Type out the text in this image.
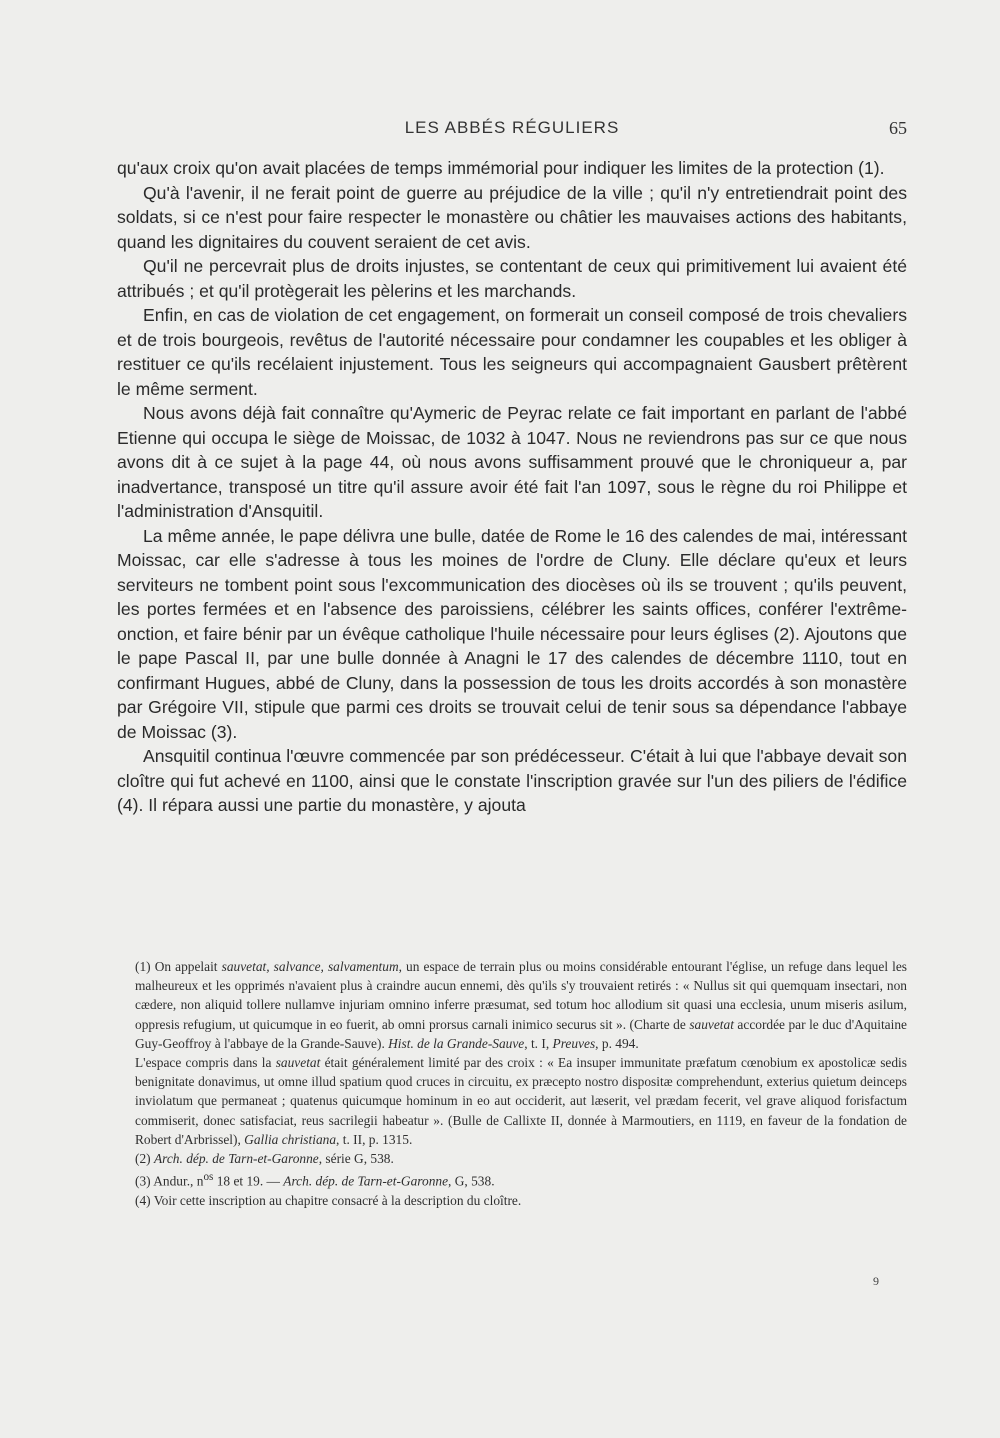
LES ABBÉS RÉGULIERS	65

qu'aux croix qu'on avait placées de temps immémorial pour indiquer les limites de la protection (1).

Qu'à l'avenir, il ne ferait point de guerre au préjudice de la ville ; qu'il n'y entretiendrait point des soldats, si ce n'est pour faire respecter le monastère ou châtier les mauvaises actions des habitants, quand les dignitaires du couvent seraient de cet avis.

Qu'il ne percevrait plus de droits injustes, se contentant de ceux qui primitivement lui avaient été attribués ; et qu'il protègerait les pèlerins et les marchands.

Enfin, en cas de violation de cet engagement, on formerait un conseil composé de trois chevaliers et de trois bourgeois, revêtus de l'autorité nécessaire pour condamner les coupables et les obliger à restituer ce qu'ils recélaient injustement. Tous les seigneurs qui accompagnaient Gausbert prêtèrent le même serment.

Nous avons déjà fait connaître qu'Aymeric de Peyrac relate ce fait important en parlant de l'abbé Etienne qui occupa le siège de Moissac, de 1032 à 1047. Nous ne reviendrons pas sur ce que nous avons dit à ce sujet à la page 44, où nous avons suffisamment prouvé que le chroniqueur a, par inadvertance, transposé un titre qu'il assure avoir été fait l'an 1097, sous le règne du roi Philippe et l'administration d'Ansquitil.

La même année, le pape délivra une bulle, datée de Rome le 16 des calendes de mai, intéressant Moissac, car elle s'adresse à tous les moines de l'ordre de Cluny. Elle déclare qu'eux et leurs serviteurs ne tombent point sous l'excommunication des diocèses où ils se trouvent ; qu'ils peuvent, les portes fermées et en l'absence des paroissiens, célébrer les saints offices, conférer l'extrême-onction, et faire bénir par un évêque catholique l'huile nécessaire pour leurs églises (2). Ajoutons que le pape Pascal II, par une bulle donnée à Anagni le 17 des calendes de décembre 1110, tout en confirmant Hugues, abbé de Cluny, dans la possession de tous les droits accordés à son monastère par Grégoire VII, stipule que parmi ces droits se trouvait celui de tenir sous sa dépendance l'abbaye de Moissac (3).

Ansquitil continua l'œuvre commencée par son prédécesseur. C'était à lui que l'abbaye devait son cloître qui fut achevé en 1100, ainsi que le constate l'inscription gravée sur l'un des piliers de l'édifice (4). Il répara aussi une partie du monastère, y ajouta

(1) On appelait sauvetat, salvance, salvamentum, un espace de terrain plus ou moins considérable entourant l'église, un refuge dans lequel les malheureux et les opprimés n'avaient plus à craindre aucun ennemi, dès qu'ils s'y trouvaient retirés : « Nullus sit qui quemquam insectari, non cædere, non aliquid tollere nullamve injuriam omnino inferre præsumat, sed totum hoc allodium sit quasi una ecclesia, unum miseris asilum, oppresis refugium, ut quicumque in eo fuerit, ab omni prorsus carnali inimico securus sit ». (Charte de sauvetat accordée par le duc d'Aquitaine Guy-Geoffroy à l'abbaye de la Grande-Sauve). Hist. de la Grande-Sauve, t. I, Preuves, p. 494.

L'espace compris dans la sauvetat était généralement limité par des croix : « Ea insuper immunitate præfatum cœnobium ex apostolicæ sedis benignitate donavimus, ut omne illud spatium quod cruces in circuitu, ex præcepto nostro dispositæ comprehendunt, exterius quietum deinceps inviolatum que permaneat ; quatenus quicumque hominum in eo aut occiderit, aut læserit, vel prædam fecerit, vel grave aliquod forisfactum commiserit, donec satisfaciat, reus sacrilegii habeatur ». (Bulle de Callixte II, donnée à Marmoutiers, en 1119, en faveur de la fondation de Robert d'Arbrissel), Gallia christiana, t. II, p. 1315.

(2) Arch. dép. de Tarn-et-Garonne, série G, 538.

(3) Andur., $n^{os}$ 18 et 19. — Arch. dép. de Tarn-et-Garonne, G, 538.

(4) Voir cette inscription au chapitre consacré à la description du cloître.

9
